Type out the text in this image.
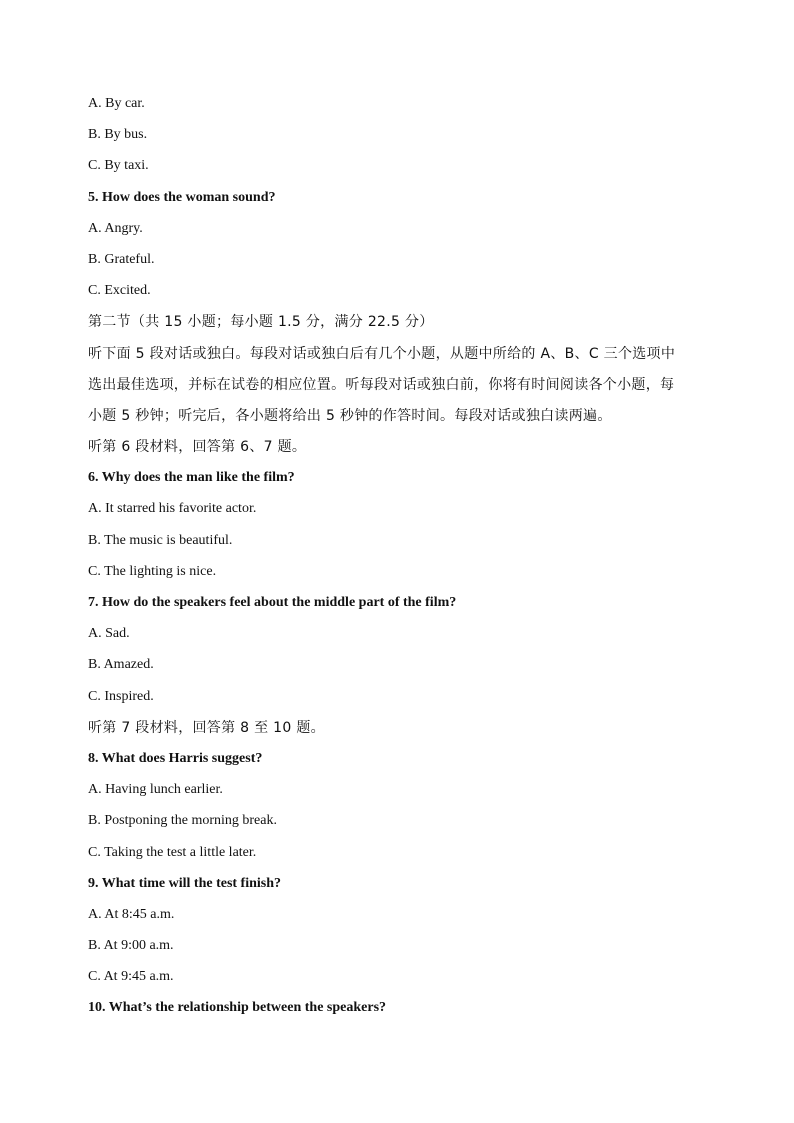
A. By car.
B. By bus.
C. By taxi.
5. How does the woman sound?
A. Angry.
B. Grateful.
C. Excited.
第二节（共 15 小题；每小题 1.5 分，满分 22.5 分）
听下面 5 段对话或独白。每段对话或独白后有几个小题，从题中所给的 A、B、C 三个选项中
选出最佳选项，并标在试卷的相应位置。听每段对话或独白前，你将有时间阅读各个小题，每
小题 5 秒钟；听完后，各小题将给出 5 秒钟的作答时间。每段对话或独白读两遍。
听第 6 段材料，回答第 6、7 题。
6. Why does the man like the film?
A. It starred his favorite actor.
B. The music is beautiful.
C. The lighting is nice.
7. How do the speakers feel about the middle part of the film?
A. Sad.
B. Amazed.
C. Inspired.
听第 7 段材料，回答第 8 至 10 题。
8. What does Harris suggest?
A. Having lunch earlier.
B. Postponing the morning break.
C. Taking the test a little later.
9. What time will the test finish?
A. At 8:45 a.m.
B. At 9:00 a.m.
C. At 9:45 a.m.
10. What’s the relationship between the speakers?
